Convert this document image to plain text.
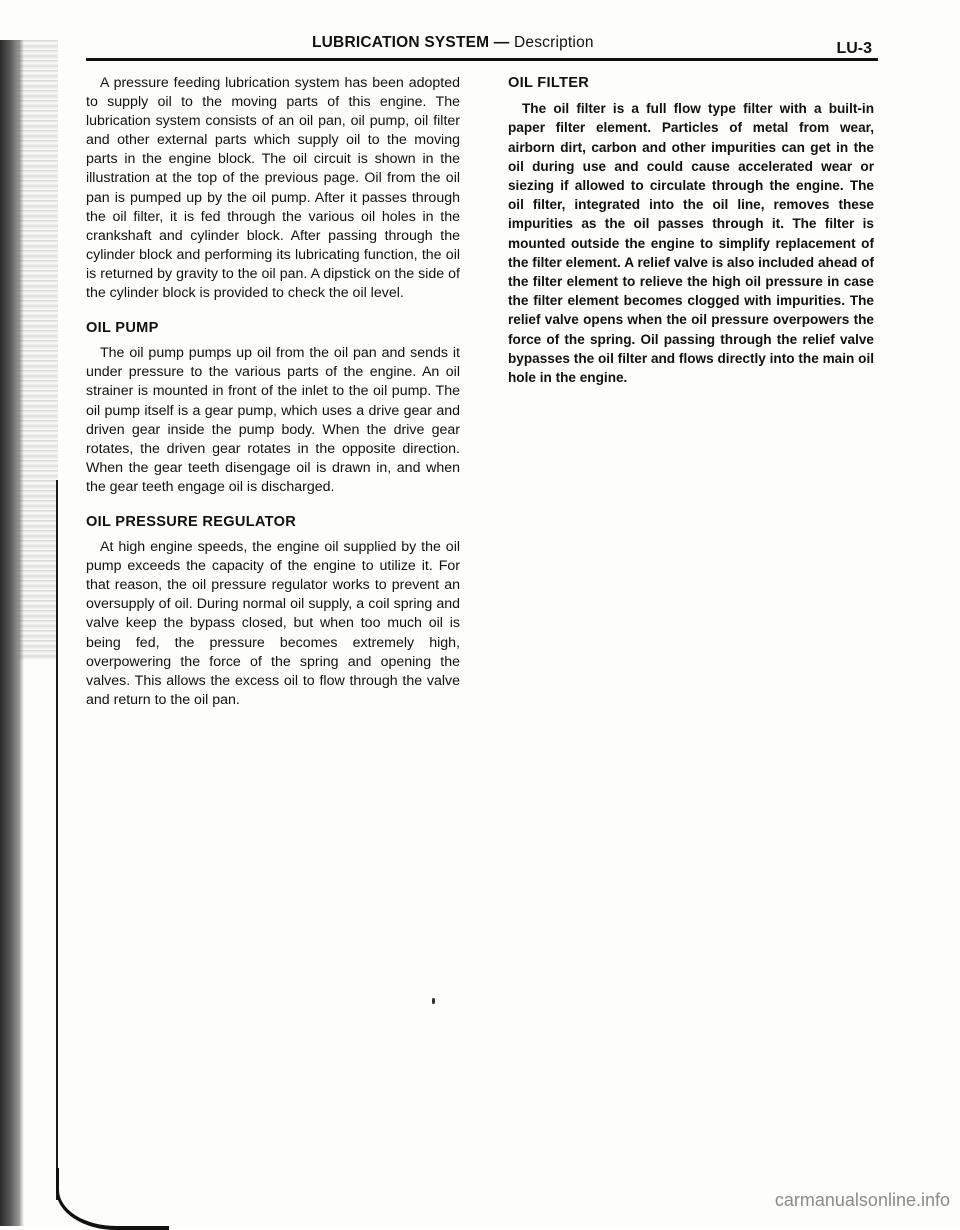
LUBRICATION SYSTEM — Description	LU-3

A pressure feeding lubrication system has been adopted to supply oil to the moving parts of this engine. The lubrication system consists of an oil pan, oil pump, oil filter and other external parts which supply oil to the moving parts in the engine block. The oil circuit is shown in the illustration at the top of the previous page. Oil from the oil pan is pumped up by the oil pump. After it passes through the oil filter, it is fed through the various oil holes in the crankshaft and cylinder block. After passing through the cylinder block and performing its lubricating function, the oil is returned by gravity to the oil pan. A dipstick on the side of the cylinder block is provided to check the oil level.

OIL PUMP

The oil pump pumps up oil from the oil pan and sends it under pressure to the various parts of the engine. An oil strainer is mounted in front of the inlet to the oil pump. The oil pump itself is a gear pump, which uses a drive gear and driven gear inside the pump body. When the drive gear rotates, the driven gear rotates in the opposite direction. When the gear teeth disengage oil is drawn in, and when the gear teeth engage oil is discharged.

OIL PRESSURE REGULATOR

At high engine speeds, the engine oil supplied by the oil pump exceeds the capacity of the engine to utilize it. For that reason, the oil pressure regulator works to prevent an oversupply of oil. During normal oil supply, a coil spring and valve keep the bypass closed, but when too much oil is being fed, the pressure becomes extremely high, overpowering the force of the spring and opening the valves. This allows the excess oil to flow through the valve and return to the oil pan.

OIL FILTER

The oil filter is a full flow type filter with a built-in paper filter element. Particles of metal from wear, airborn dirt, carbon and other impurities can get in the oil during use and could cause accelerated wear or siezing if allowed to circulate through the engine. The oil filter, integrated into the oil line, removes these impurities as the oil passes through it. The filter is mounted outside the engine to simplify replacement of the filter element. A relief valve is also included ahead of the filter element to relieve the high oil pressure in case the filter element becomes clogged with impurities. The relief valve opens when the oil pressure overpowers the force of the spring. Oil passing through the relief valve bypasses the oil filter and flows directly into the main oil hole in the engine.

carmanualsonline.info
